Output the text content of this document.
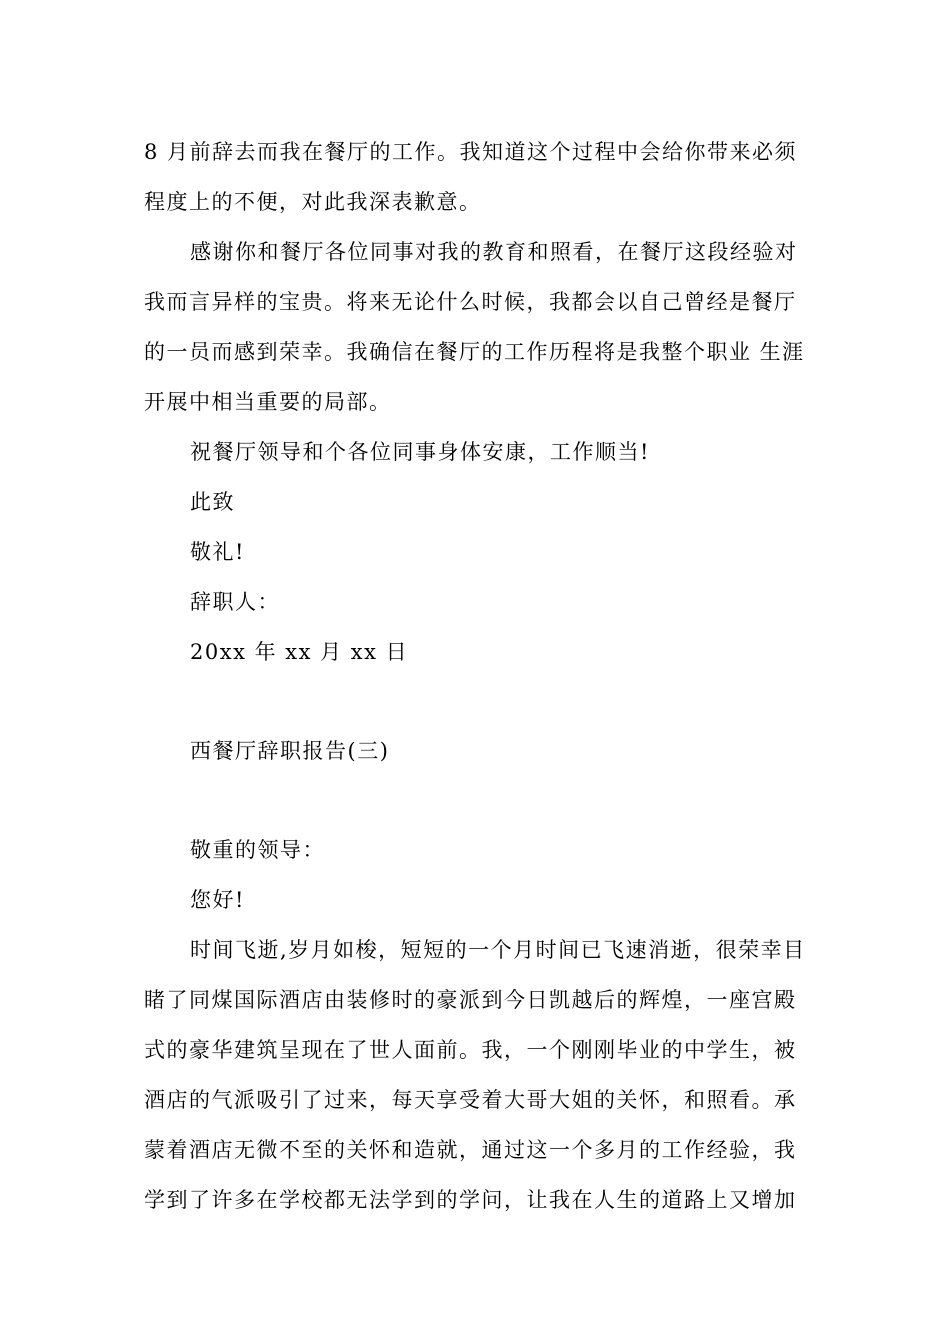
8 月前辞去而我在餐厅的工作。我知道这个过程中会给你带来必须
程度上的不便，对此我深表歉意。
感谢你和餐厅各位同事对我的教育和照看，在餐厅这段经验对
我而言异样的宝贵。将来无论什么时候，我都会以自己曾经是餐厅
的一员而感到荣幸。我确信在餐厅的工作历程将是我整个职业 生涯
开展中相当重要的局部。
祝餐厅领导和个各位同事身体安康，工作顺当!
此致
敬礼!
辞职人：
20xx 年 xx 月 xx 日
西餐厅辞职报告(三)
敬重的领导：
您好!
时间飞逝,岁月如梭，短短的一个月时间已飞速消逝，很荣幸目
睹了同煤国际酒店由装修时的豪派到今日凯越后的辉煌，一座宫殿
式的豪华建筑呈现在了世人面前。我，一个刚刚毕业的中学生，被
酒店的气派吸引了过来，每天享受着大哥大姐的关怀，和照看。承
蒙着酒店无微不至的关怀和造就，通过这一个多月的工作经验，我
学到了许多在学校都无法学到的学问，让我在人生的道路上又增加
